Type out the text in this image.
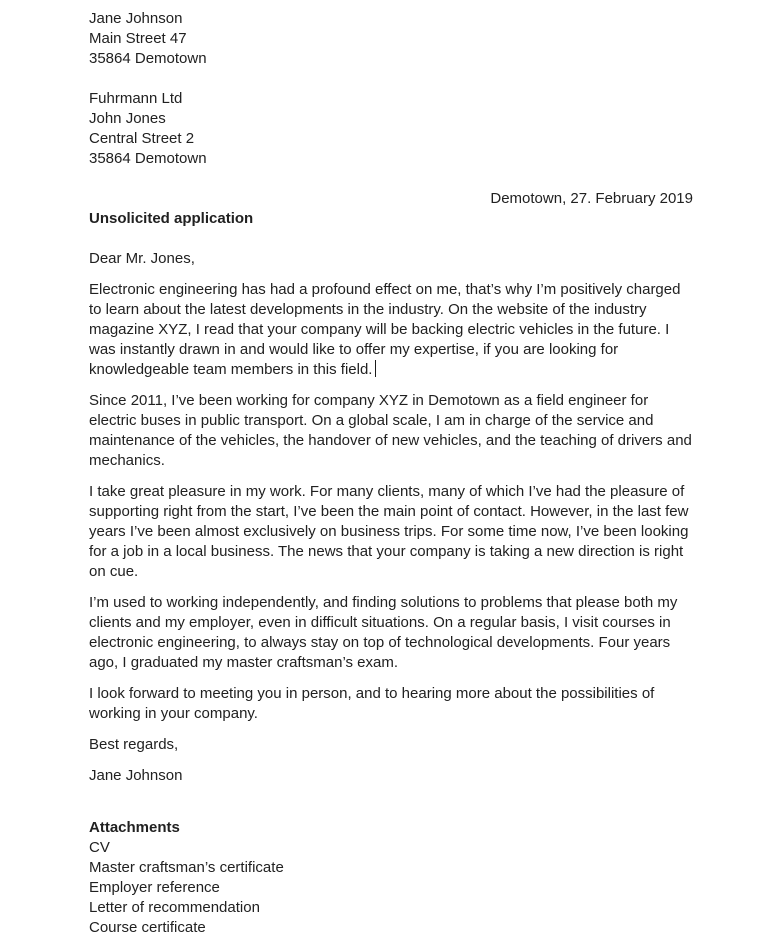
Jane Johnson
Main Street 47
35864 Demotown
Fuhrmann Ltd
John Jones
Central Street 2
35864 Demotown
Demotown, 27. February 2019
Unsolicited application

Dear Mr. Jones,

Electronic engineering has had a profound effect on me, that’s why I’m positively charged to learn about the latest developments in the industry. On the website of the industry magazine XYZ, I read that your company will be backing electric vehicles in the future. I was instantly drawn in and would like to offer my expertise, if you are looking for knowledgeable team members in this field.

Since 2011, I’ve been working for company XYZ in Demotown as a field engineer for electric buses in public transport. On a global scale, I am in charge of the service and maintenance of the vehicles, the handover of new vehicles, and the teaching of drivers and mechanics.

I take great pleasure in my work. For many clients, many of which I’ve had the pleasure of supporting right from the start, I’ve been the main point of contact. However, in the last few years I’ve been almost exclusively on business trips. For some time now, I’ve been looking for a job in a local business. The news that your company is taking a new direction is right on cue.

I’m used to working independently, and finding solutions to problems that please both my clients and my employer, even in difficult situations. On a regular basis, I visit courses in electronic engineering, to always stay on top of technological developments. Four years ago, I graduated my master craftsman’s exam.

I look forward to meeting you in person, and to hearing more about the possibilities of working in your company.

Best regards,

Jane Johnson

Attachments
CV
Master craftsman’s certificate
Employer reference
Letter of recommendation
Course certificate
